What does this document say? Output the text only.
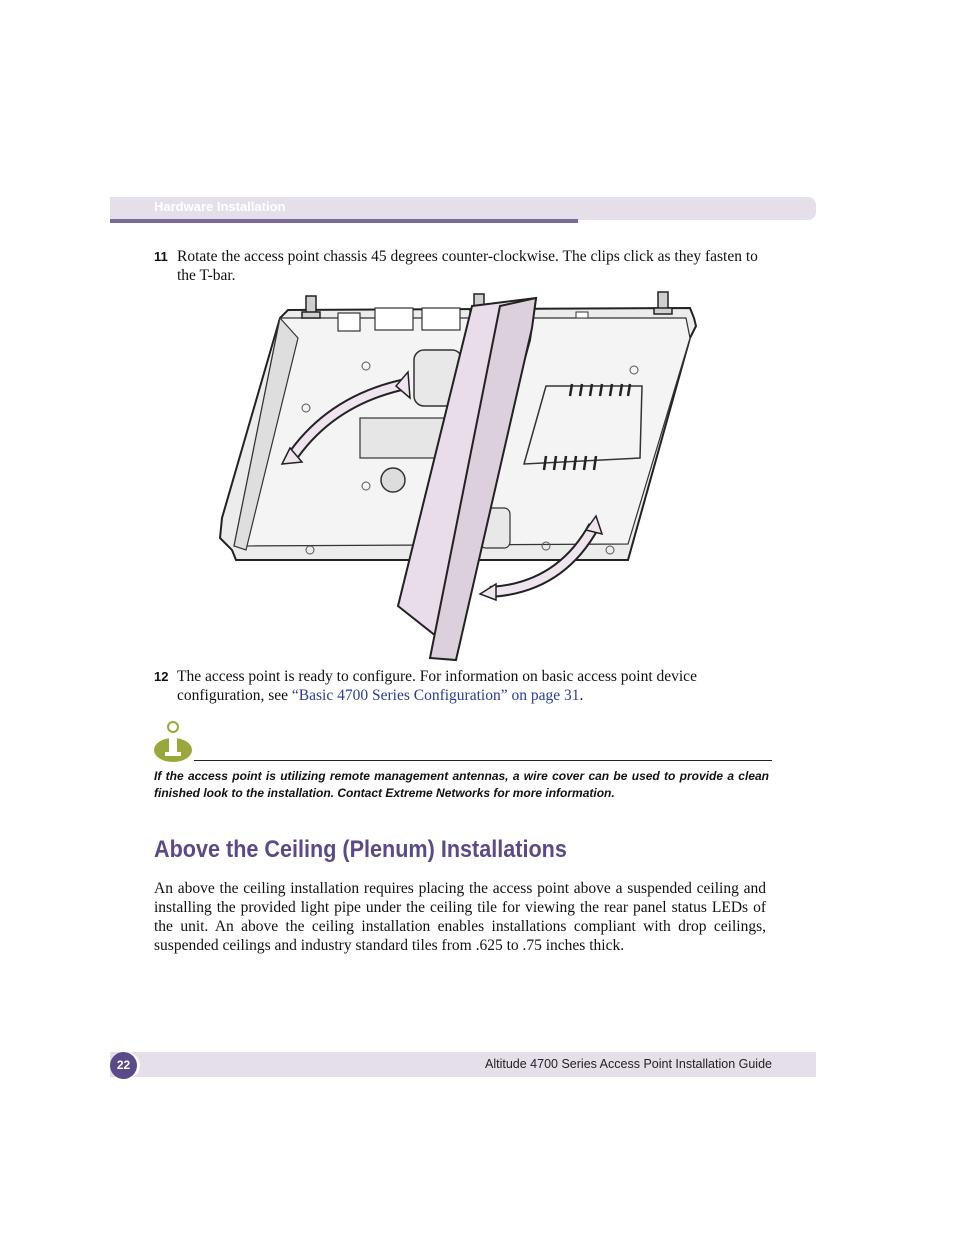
Hardware Installation
11 Rotate the access point chassis 45 degrees counter-clockwise. The clips click as they fasten to the T-bar.
12 The access point is ready to configure. For information on basic access point device configuration, see “Basic 4700 Series Configuration” on page 31.
If the access point is utilizing remote management antennas, a wire cover can be used to provide a clean finished look to the installation. Contact Extreme Networks for more information.
Above the Ceiling (Plenum) Installations
An above the ceiling installation requires placing the access point above a suspended ceiling and installing the provided light pipe under the ceiling tile for viewing the rear panel status LEDs of the unit. An above the ceiling installation enables installations compliant with drop ceilings, suspended ceilings and industry standard tiles from .625 to .75 inches thick.
22	Altitude 4700 Series Access Point Installation Guide
